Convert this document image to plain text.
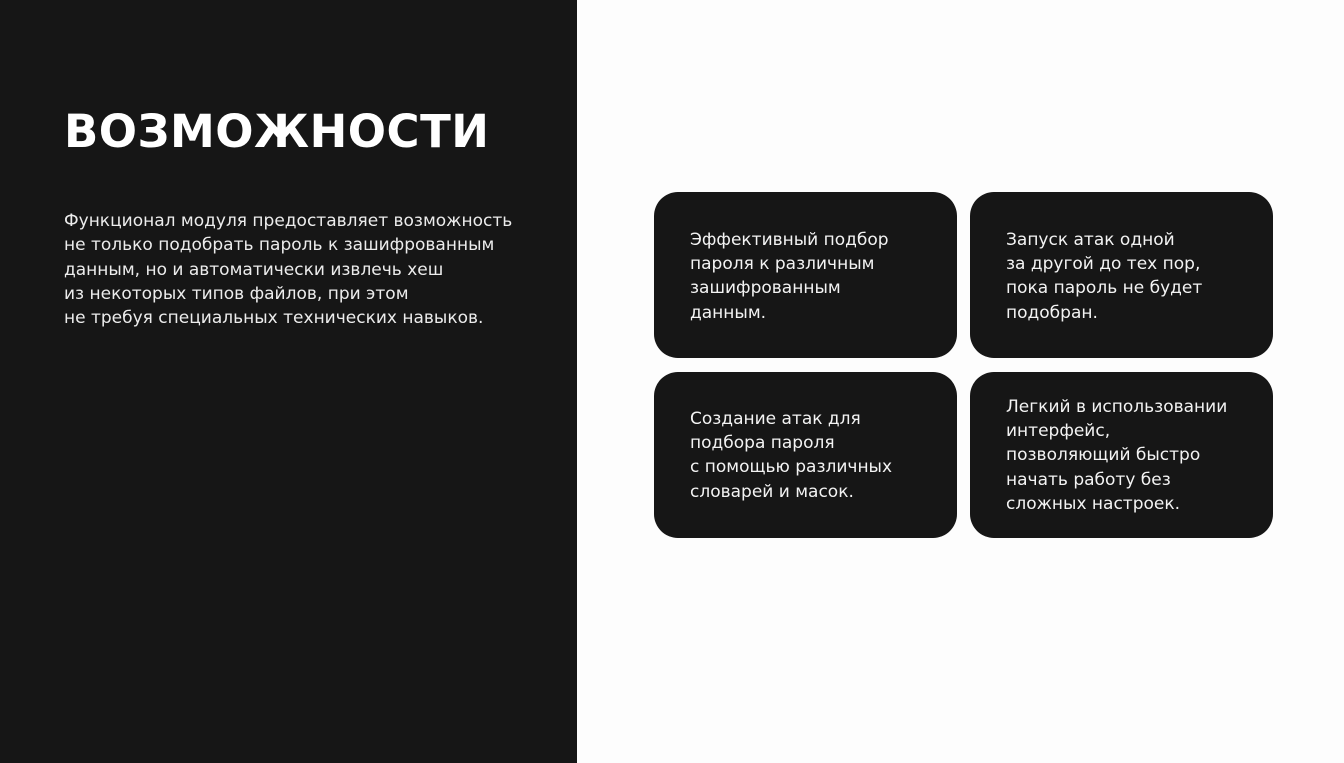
ВОЗМОЖНОСТИ

Функционал модуля предоставляет возможность
не только подобрать пароль к зашифрованным
данным, но и автоматически извлечь хеш
из некоторых типов файлов, при этом
не требуя специальных технических навыков.

Эффективный подбор
пароля к различным
зашифрованным
данным.
Запуск атак одной
за другой до тех пор,
пока пароль не будет
подобран.
Создание атак для
подбора пароля
с помощью различных
словарей и масок.
Легкий в использовании
интерфейс,
позволяющий быстро
начать работу без
сложных настроек.
